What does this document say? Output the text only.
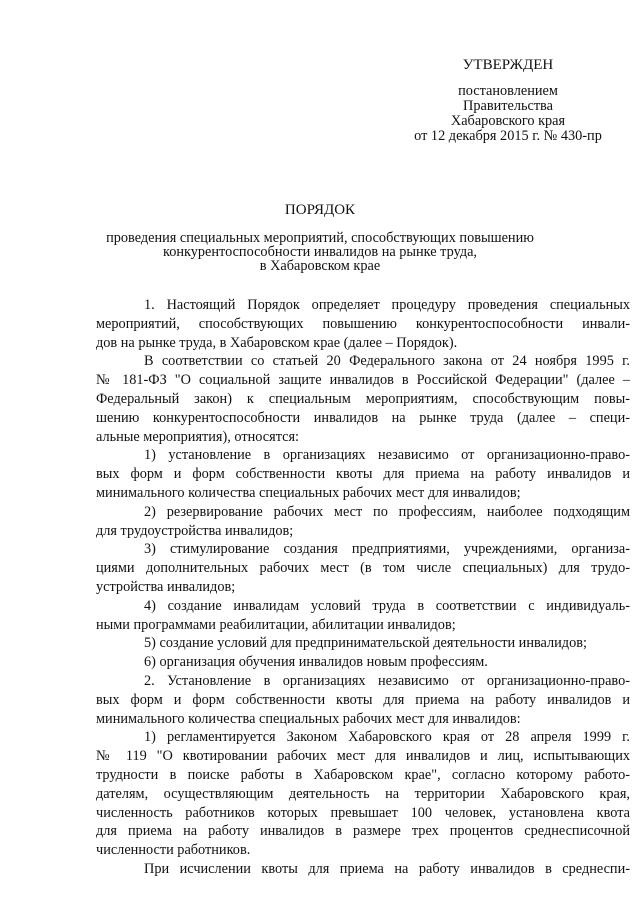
УТВЕРЖДЕН
постановлением
Правительства
Хабаровского края
от 12 декабря 2015 г. № 430-пр
ПОРЯДОК
проведения специальных мероприятий, способствующих повышению
конкурентоспособности инвалидов на рынке труда,
в Хабаровском крае
1. Настоящий Порядок определяет процедуру проведения специальных
мероприятий, способствующих повышению конкурентоспособности инвали-
дов на рынке труда, в Хабаровском крае (далее – Порядок).
В соответствии со статьей 20 Федерального закона от 24 ноября 1995 г.
№ 181-ФЗ "О социальной защите инвалидов в Российской Федерации" (далее –
Федеральный закон) к специальным мероприятиям, способствующим повы-
шению конкурентоспособности инвалидов на рынке труда (далее – специ-
альные мероприятия), относятся:
1) установление в организациях независимо от организационно-право-
вых форм и форм собственности квоты для приема на работу инвалидов и
минимального количества специальных рабочих мест для инвалидов;
2) резервирование рабочих мест по профессиям, наиболее подходящим
для трудоустройства инвалидов;
3) стимулирование создания предприятиями, учреждениями, организа-
циями дополнительных рабочих мест (в том числе специальных) для трудо-
устройства инвалидов;
4) создание инвалидам условий труда в соответствии с индивидуаль-
ными программами реабилитации, абилитации инвалидов;
5) создание условий для предпринимательской деятельности инвалидов;
6) организация обучения инвалидов новым профессиям.
2. Установление в организациях независимо от организационно-право-
вых форм и форм собственности квоты для приема на работу инвалидов и
минимального количества специальных рабочих мест для инвалидов:
1) регламентируется Законом Хабаровского края от 28 апреля 1999 г.
№ 119 "О квотировании рабочих мест для инвалидов и лиц, испытывающих
трудности в поиске работы в Хабаровском крае", согласно которому работо-
дателям, осуществляющим деятельность на территории Хабаровского края,
численность работников которых превышает 100 человек, установлена квота
для приема на работу инвалидов в размере трех процентов среднесписочной
численности работников.
При исчислении квоты для приема на работу инвалидов в среднеспи-
